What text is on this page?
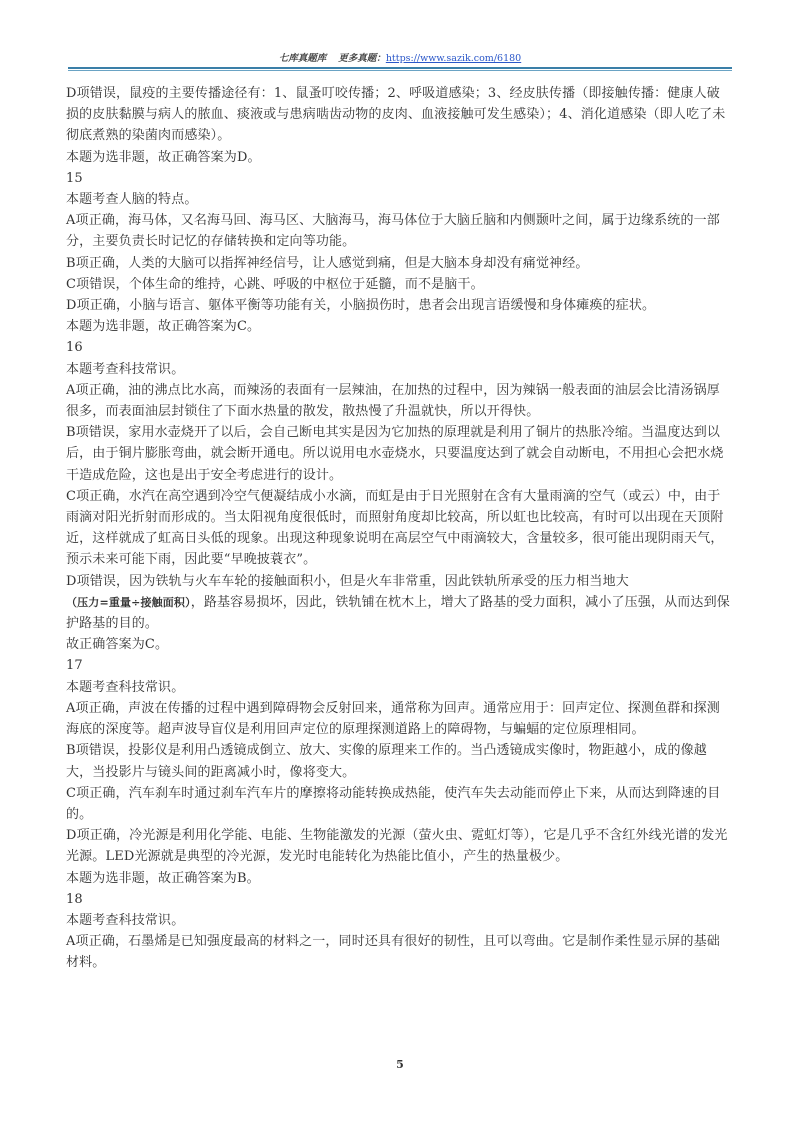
七库真题库 更多真题：https://www.sazik.com/6180

D项错误，鼠疫的主要传播途径有：1、鼠蚤叮咬传播；2、呼吸道感染；3、经皮肤传播（即接触传播：健康人破损的皮肤黏膜与病人的脓血、痰液或与患病啮齿动物的皮肉、血液接触可发生感染）；4、消化道感染（即人吃了未彻底煮熟的染菌肉而感染）。

本题为选非题，故正确答案为D。

15

本题考查人脑的特点。

A项正确，海马体，又名海马回、海马区、大脑海马，海马体位于大脑丘脑和内侧颞叶之间，属于边缘系统的一部分，主要负责长时记忆的存储转换和定向等功能。

B项正确，人类的大脑可以指挥神经信号，让人感觉到痛，但是大脑本身却没有痛觉神经。

C项错误，个体生命的维持，心跳、呼吸的中枢位于延髓，而不是脑干。

D项正确，小脑与语言、躯体平衡等功能有关，小脑损伤时，患者会出现言语缓慢和身体瘫痪的症状。

本题为选非题，故正确答案为C。

16

本题考查科技常识。

A项正确，油的沸点比水高，而辣汤的表面有一层辣油，在加热的过程中，因为辣锅一般表面的油层会比清汤锅厚很多，而表面油层封锁住了下面水热量的散发，散热慢了升温就快，所以开得快。

B项错误，家用水壶烧开了以后，会自己断电其实是因为它加热的原理就是利用了铜片的热胀冷缩。当温度达到以后，由于铜片膨胀弯曲，就会断开通电。所以说用电水壶烧水，只要温度达到了就会自动断电，不用担心会把水烧干造成危险，这也是出于安全考虑进行的设计。

C项正确，水汽在高空遇到冷空气便凝结成小水滴，而虹是由于日光照射在含有大量雨滴的空气（或云）中，由于雨滴对阳光折射而形成的。当太阳视角度很低时，而照射角度却比较高，所以虹也比较高，有时可以出现在天顶附近，这样就成了虹高日头低的现象。出现这种现象说明在高层空气中雨滴较大，含量较多，很可能出现阴雨天气，预示未来可能下雨，因此要“早晚披蓑衣”。

D项错误，因为铁轨与火车车轮的接触面积小，但是火车非常重，因此铁轨所承受的压力相当地大

（压力=重量÷接触面积），路基容易损坏，因此，铁轨铺在枕木上，增大了路基的受力面积，减小了压强，从而达到保护路基的目的。

故正确答案为C。

17

本题考查科技常识。

A项正确，声波在传播的过程中遇到障碍物会反射回来，通常称为回声。通常应用于：回声定位、探测鱼群和探测海底的深度等。超声波导盲仪是利用回声定位的原理探测道路上的障碍物，与蝙蝠的定位原理相同。

B项错误，投影仪是利用凸透镜成倒立、放大、实像的原理来工作的。当凸透镜成实像时，物距越小，成的像越大，当投影片与镜头间的距离减小时，像将变大。

C项正确，汽车刹车时通过刹车汽车片的摩擦将动能转换成热能，使汽车失去动能而停止下来，从而达到降速的目的。

D项正确，冷光源是利用化学能、电能、生物能激发的光源（萤火虫、霓虹灯等），它是几乎不含红外线光谱的发光光源。LED光源就是典型的冷光源，发光时电能转化为热能比值小，产生的热量极少。

本题为选非题，故正确答案为B。

18

本题考查科技常识。

A项正确，石墨烯是已知强度最高的材料之一，同时还具有很好的韧性，且可以弯曲。它是制作柔性显示屏的基础材料。

5
